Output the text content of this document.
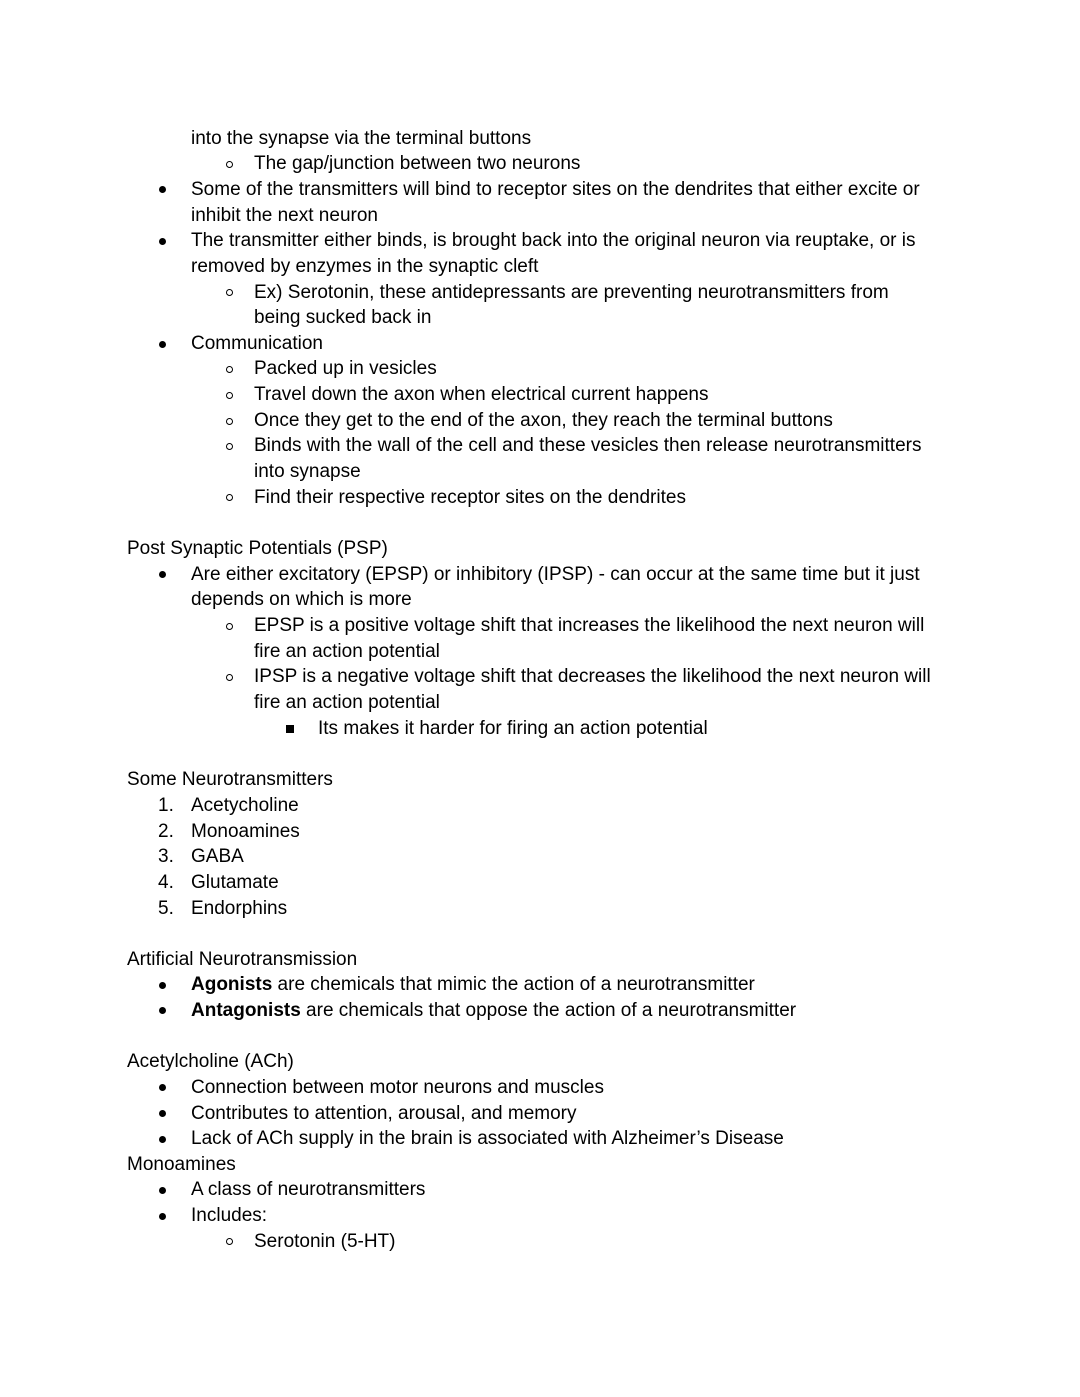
into the synapse via the terminal buttons
The gap/junction between two neurons
Some of the transmitters will bind to receptor sites on the dendrites that either excite or
inhibit the next neuron
The transmitter either binds, is brought back into the original neuron via reuptake, or is
removed by enzymes in the synaptic cleft
Ex) Serotonin, these antidepressants are preventing neurotransmitters from
being sucked back in
Communication
Packed up in vesicles
Travel down the axon when electrical current happens
Once they get to the end of the axon, they reach the terminal buttons
Binds with the wall of the cell and these vesicles then release neurotransmitters
into synapse
Find their respective receptor sites on the dendrites
Post Synaptic Potentials (PSP)
Are either excitatory (EPSP) or inhibitory (IPSP) - can occur at the same time but it just
depends on which is more
EPSP is a positive voltage shift that increases the likelihood the next neuron will
fire an action potential
IPSP is a negative voltage shift that decreases the likelihood the next neuron will
fire an action potential
Its makes it harder for firing an action potential
Some Neurotransmitters
1. Acetycholine
2. Monoamines
3. GABA
4. Glutamate
5. Endorphins
Artificial Neurotransmission
Agonists are chemicals that mimic the action of a neurotransmitter
Antagonists are chemicals that oppose the action of a neurotransmitter
Acetylcholine (ACh)
Connection between motor neurons and muscles
Contributes to attention, arousal, and memory
Lack of ACh supply in the brain is associated with Alzheimer’s Disease
Monoamines
A class of neurotransmitters
Includes:
Serotonin (5-HT)
